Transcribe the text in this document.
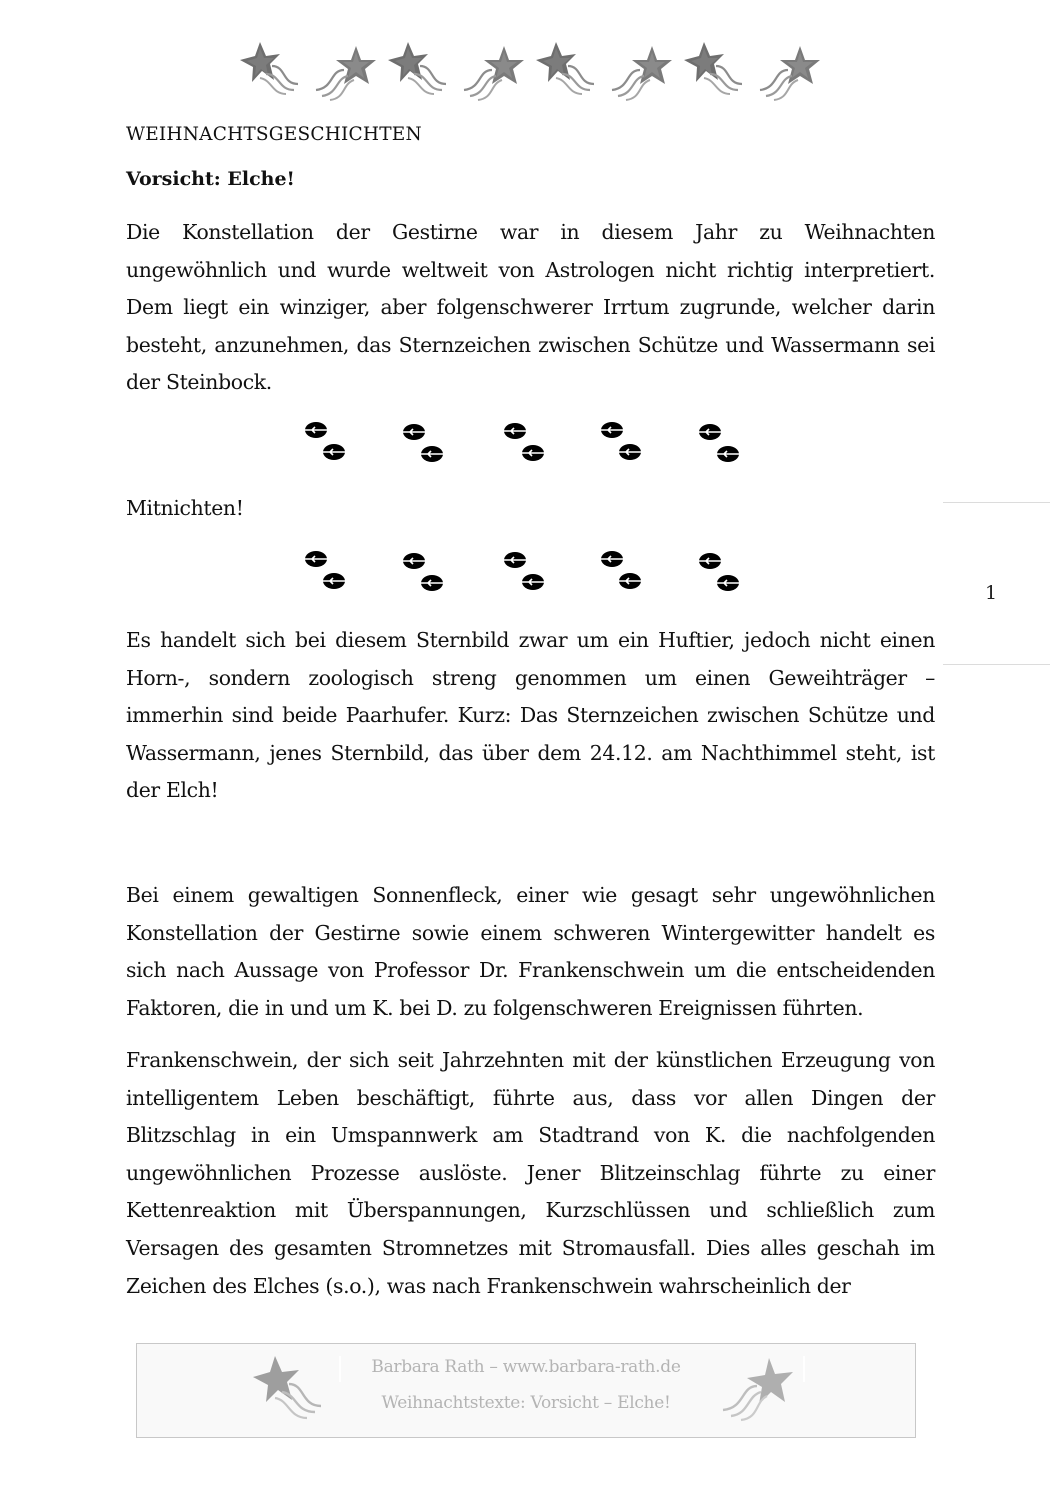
WEIHNACHTSGESCHICHTEN
Vorsicht: Elche!

Die Konstellation der Gestirne war in diesem Jahr zu Weihnachten ungewöhnlich und wurde weltweit von Astrologen nicht richtig interpretiert. Dem liegt ein winziger, aber folgenschwerer Irrtum zugrunde, welcher darin besteht, anzunehmen, das Sternzeichen zwischen Schütze und Wassermann sei der Steinbock.

Mitnichten!

Es handelt sich bei diesem Sternbild zwar um ein Huftier, jedoch nicht einen Horn-, sondern zoologisch streng genommen um einen Geweihträger – immerhin sind beide Paarhufer. Kurz: Das Sternzeichen zwischen Schütze und Wassermann, jenes Sternbild, das über dem 24.12. am Nachthimmel steht, ist der Elch!

Bei einem gewaltigen Sonnenfleck, einer wie gesagt sehr ungewöhnlichen Konstellation der Gestirne sowie einem schweren Wintergewitter handelt es sich nach Aussage von Professor Dr. Frankenschwein um die entscheidenden Faktoren, die in und um K. bei D. zu folgenschweren Ereignissen führten.

Frankenschwein, der sich seit Jahrzehnten mit der künstlichen Erzeugung von intelligentem Leben beschäftigt, führte aus, dass vor allen Dingen der Blitzschlag in ein Umspannwerk am Stadtrand von K. die nachfolgenden ungewöhnlichen Prozesse auslöste. Jener Blitzeinschlag führte zu einer Kettenreaktion mit Überspannungen, Kurzschlüssen und schließlich zum Versagen des gesamten Stromnetzes mit Stromausfall. Dies alles geschah im Zeichen des Elches (s.o.), was nach Frankenschwein wahrscheinlich der

1
Barbara Rath – www.barbara-rath.de
Weihnachtstexte: Vorsicht – Elche!
